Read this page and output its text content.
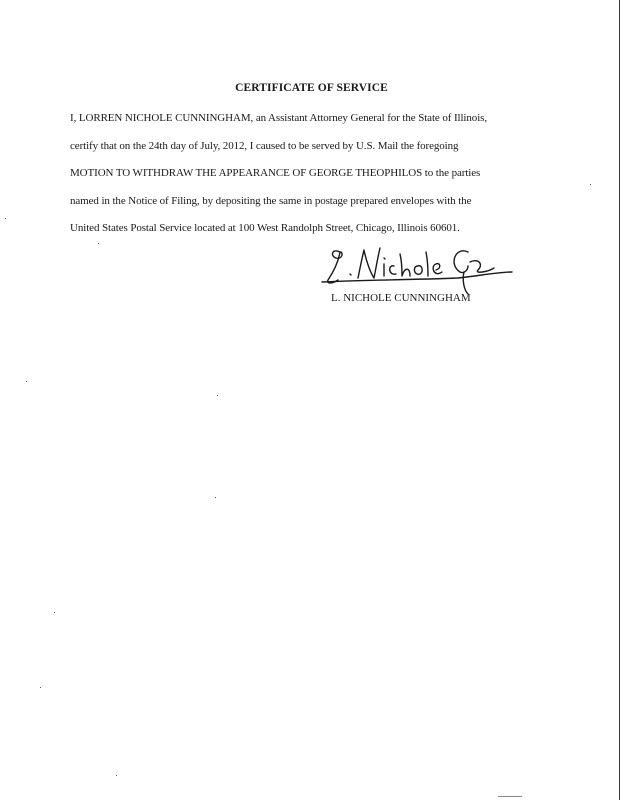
CERTIFICATE OF SERVICE
I, LORREN NICHOLE CUNNINGHAM, an Assistant Attorney General for the State of Illinois,
certify that on the 24th day of July, 2012, I caused to be served by U.S. Mail the foregoing
MOTION TO WITHDRAW THE APPEARANCE OF GEORGE THEOPHILOS to the parties
named in the Notice of Filing, by depositing the same in postage prepared envelopes with the
United States Postal Service located at 100 West Randolph Street, Chicago, Illinois 60601.
L. NICHOLE CUNNINGHAM
